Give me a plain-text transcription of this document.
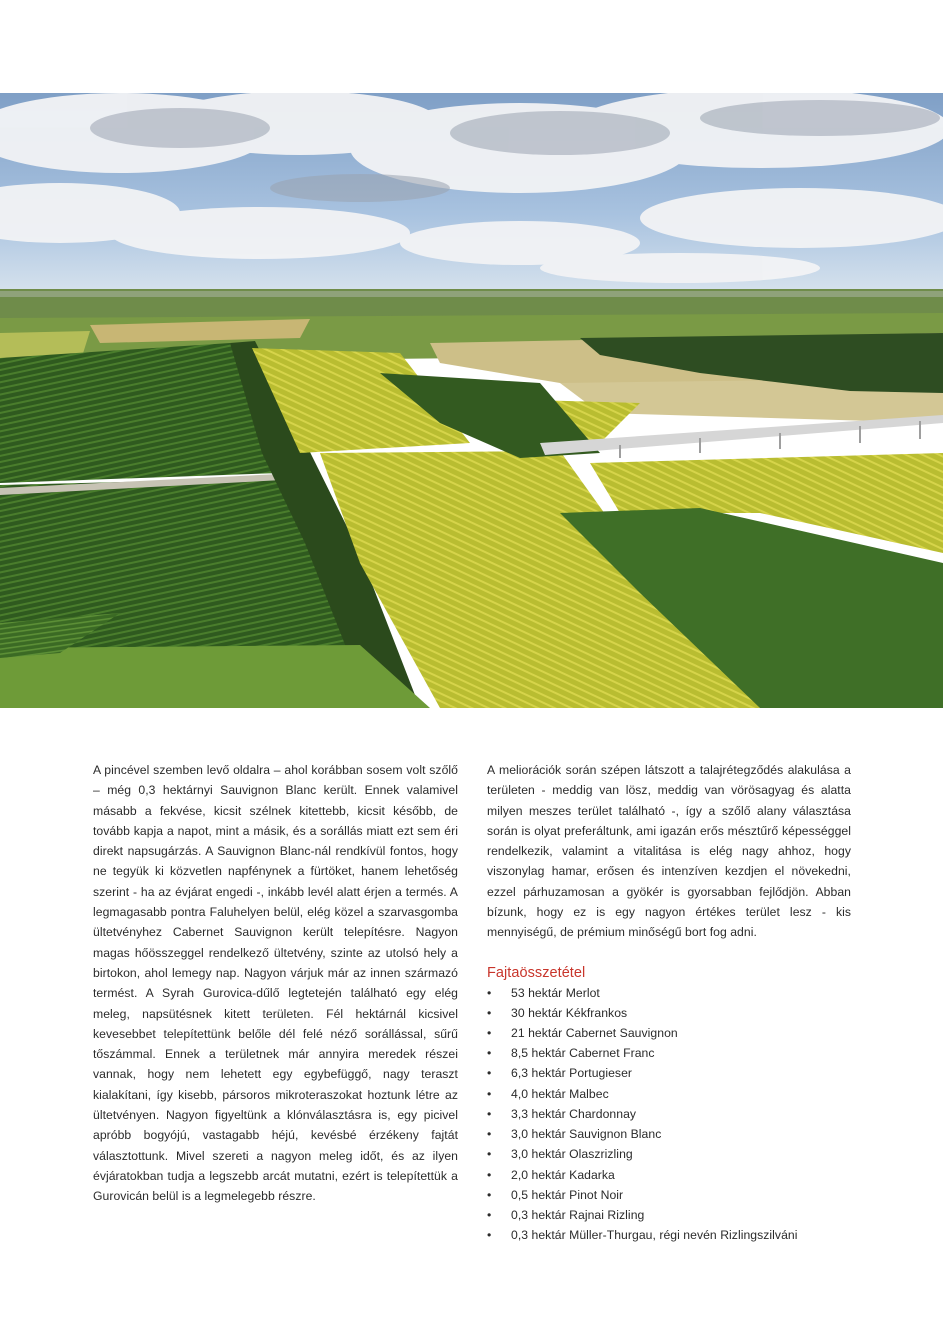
A pincével szemben levő oldalra – ahol korábban sosem volt szőlő – még 0,3 hektárnyi Sauvignon Blanc került. Ennek valamivel másabb a fekvése, kicsit szélnek kitettebb, kicsit később, de tovább kapja a napot, mint a másik, és a sorállás miatt ezt sem éri direkt napsugárzás. A Sauvignon Blanc-nál rendkívül fontos, hogy ne tegyük ki közvetlen napfénynek a fürtöket, hanem lehetőség szerint - ha az évjárat engedi -, inkább levél alatt érjen a termés. A legmagasabb pontra Faluhelyen belül, elég közel a szarvasgomba ültetvényhez Cabernet Sauvignon került telepítésre. Nagyon magas hőösszeggel rendelkező ültetvény, szinte az utolsó hely a birtokon, ahol lemegy nap. Nagyon várjuk már az innen származó termést. A Syrah Gurovica-dűlő legtetején található egy elég meleg, napsütésnek kitett területen. Fél hektárnál kicsivel kevesebbet telepítettünk belőle dél felé néző sorállással, sűrű tőszámmal. Ennek a területnek már annyira meredek részei vannak, hogy nem lehetett egy egybefüggő, nagy teraszt kialakítani, így kisebb, pársoros mikroteraszokat hoztunk létre az ültetvényen. Nagyon figyeltünk a klónválasztásra is, egy picivel apróbb bogyójú, vastagabb héjú, kevésbé érzékeny fajtát választottunk. Mivel szereti a nagyon meleg időt, és az ilyen évjáratokban tudja a legszebb arcát mutatni, ezért is telepítettük a Gurovicán belül is a legmelegebb részre.

A meliorációk során szépen látszott a talajrétegződés alakulása a területen - meddig van lösz, meddig van vörösagyag és alatta milyen meszes terület található -, így a szőlő alany választása során is olyat preferáltunk, ami igazán erős mésztűrő képességgel rendelkezik, valamint a vitalitása is elég nagy ahhoz, hogy viszonylag hamar, erősen és intenzíven kezdjen el növekedni, ezzel párhuzamosan a gyökér is gyorsabban fejlődjön. Abban bízunk, hogy ez is egy nagyon értékes terület lesz - kis mennyiségű, de prémium minőségű bort fog adni.

Fajtaösszetétel
• 53 hektár Merlot
• 30 hektár Kékfrankos
• 21 hektár Cabernet Sauvignon
• 8,5 hektár Cabernet Franc
• 6,3 hektár Portugieser
• 4,0 hektár Malbec
• 3,3 hektár Chardonnay
• 3,0 hektár Sauvignon Blanc
• 3,0 hektár Olaszrizling
• 2,0 hektár Kadarka
• 0,5 hektár Pinot Noir
• 0,3 hektár Rajnai Rizling
• 0,3 hektár Müller-Thurgau, régi nevén Rizlingszilváni
